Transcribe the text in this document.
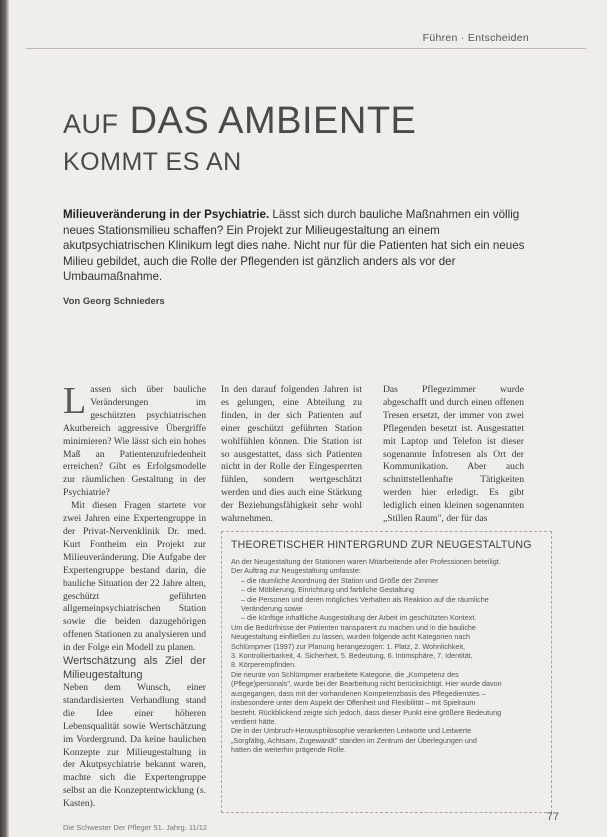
Führen · Entscheiden
AUF DAS AMBIENTE
KOMMT ES AN
Milieuveränderung in der Psychiatrie. Lässt sich durch bauliche Maßnahmen ein völlig neues Stationsmilieu schaffen? Ein Projekt zur Milieugestaltung an einem akutpsychiatrischen Klinikum legt dies nahe. Nicht nur für die Patienten hat sich ein neues Milieu gebildet, auch die Rolle der Pflegenden ist gänzlich anders als vor der Umbaumaßnahme.
Von Georg Schnieders

Lassen sich über bauliche Veränderungen im geschützten psychiatrischen Akutbereich aggressive Übergriffe minimieren? Wie lässt sich ein hohes Maß an Patientenzufriedenheit erreichen? Gibt es Erfolgsmodelle zur räumlichen Gestaltung in der Psychiatrie?

Mit diesen Fragen startete vor zwei Jahren eine Expertengruppe in der Privat-Nervenklinik Dr. med. Kurt Fontheim ein Projekt zur Milieuveränderung. Die Aufgabe der Expertengruppe bestand darin, die bauliche Situation der 22 Jahre alten, geschützt geführten allgemeinpsychiatrischen Station sowie die beiden dazugehörigen offenen Stationen zu analysieren und in der Folge ein Modell zu planen.

Wertschätzung als Ziel der Milieugestaltung

Neben dem Wunsch, einer standardisierten Verhandlung stand die Idee einer höheren Lebensqualität sowie Wertschätzung im Vordergrund. Da keine baulichen Konzepte zur Milieugestaltung in der Akutpsychiatrie bekannt waren, machte sich die Expertengruppe selbst an die Konzeptentwicklung (s. Kasten).

In den darauf folgenden Jahren ist es gelungen, eine Abteilung zu finden, in der sich Patienten auf einer geschützt geführten Station wohlfühlen können. Die Station ist so ausgestattet, dass sich Patienten nicht in der Rolle der Eingesperrten fühlen, sondern wertgeschätzt werden und dies auch eine Stärkung der Beziehungsfähigkeit sehr wohl wahrnehmen.

Das Pflegezimmer wurde abgeschafft und durch einen offenen Tresen ersetzt, der immer von zwei Pflegenden besetzt ist. Ausgestattet mit Laptop und Telefon ist dieser sogenannte Infotresen als Ort der Kommunikation. Aber auch schnittstellenhafte Tätigkeiten werden hier erledigt. Es gibt lediglich einen kleinen sogenannten „Stillen Raum", der für das

THEORETISCHER HINTERGRUND ZUR NEUGESTALTUNG
An der Neugestaltung der Stationen waren Mitarbeitende aller Professionen beteiligt.
Der Auftrag zur Neugestaltung umfasste:
– die räumliche Anordnung der Station und Größe der Zimmer
– die Möblierung, Einrichtung und farbliche Gestaltung
– die Personen und deren mögliches Verhalten als Reaktion auf die räumliche
Veränderung sowie
– die künftige inhaltliche Ausgestaltung der Arbeit im geschützten Kontext.
Um die Bedürfnisse der Patienten transparent zu machen und in die bauliche
Neugestaltung einfließen zu lassen, wurden folgende acht Kategorien nach
Schlümpmer (1997) zur Planung herangezogen: 1. Platz, 2. Wohnlichkeit,
3. Kontrollierbarkeit, 4. Sicherheit, 5. Bedeutung, 6. Intimsphäre, 7. Identität,
8. Körperempfinden.
Die neunte von Schlümpmer erarbeitete Kategorie, die „Kompetenz des
(Pflege)personals", wurde bei der Bearbeitung nicht berücksichtigt. Hier wurde davon
ausgegangen, dass mit der vorhandenen Kompetenzbasis des Pflegedienstes –
insbesondere unter dem Aspekt der Offenheit und Flexibilität – mit Spielraum
besteht. Rückblickend zeigte sich jedoch, dass dieser Punkt eine größere Bedeutung
verdient hätte.
Die in der Umbruch-Herausphilosophie verankerten Leitworte und Leitwerte
„Sorgfältig, Achtsam, Zugewandt" standen im Zentrum der Überlegungen und
hatten die weiterhin prägende Rolle.
Die Schwester Der Pfleger 51. Jahrg. 11/12
77
